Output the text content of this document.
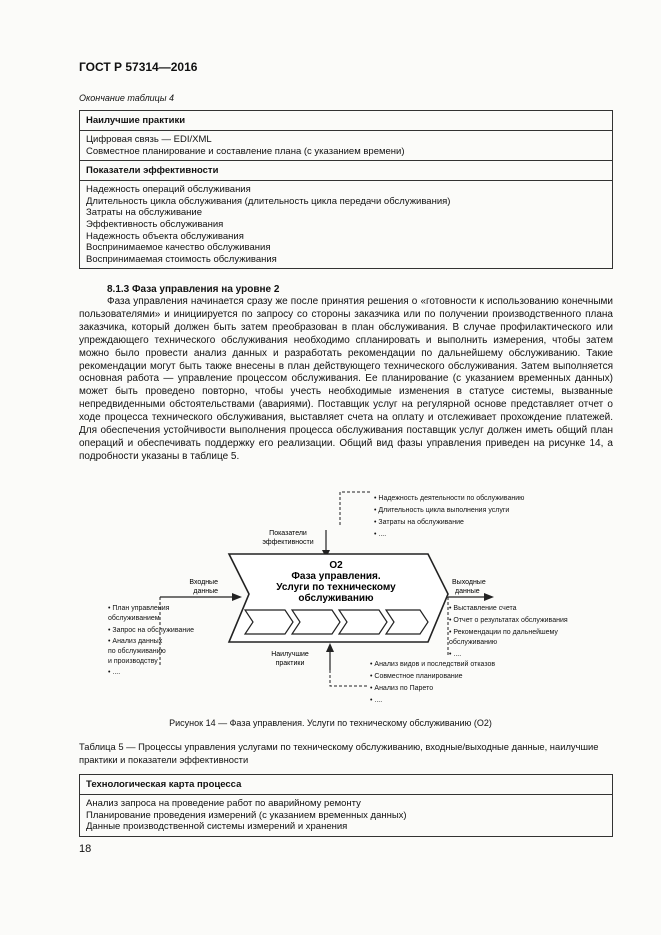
ГОСТ Р 57314—2016
Окончание таблицы 4
Наилучшие практики
Цифровая связь — EDI/XML
Совместное планирование и составление плана (с указанием времени)
Показатели эффективности
Надежность операций обслуживания
Длительность цикла обслуживания (длительность цикла передачи обслуживания)
Затраты на обслуживание
Эффективность обслуживания
Надежность объекта обслуживания
Воспринимаемое качество обслуживания
Воспринимаемая стоимость обслуживания
8.1.3 Фаза управления на уровне 2
Фаза управления начинается сразу же после принятия решения о «готовности к использованию конечными пользователями» и инициируется по запросу со стороны заказчика или по получении производственного плана заказчика, который должен быть затем преобразован в план обслуживания. В случае профилактического или упреждающего технического обслуживания необходимо спланировать и выполнить измерения, чтобы затем можно было провести анализ данных и разработать рекомендации по дальнейшему обслуживанию. Такие рекомендации могут быть также внесены в план действующего технического обслуживания. Затем выполняется основная работа — управление процессом обслуживания. Ее планирование (с указанием временных данных) может быть проведено повторно, чтобы учесть необходимые изменения в статусе системы, вызванные непредвиденными обстоятельствами (авариями). Поставщик услуг на регулярной основе представляет отчет о ходе процесса технического обслуживания, выставляет счета на оплату и отслеживает прохождение платежей. Для обеспечения устойчивости выполнения процесса обслуживания поставщик услуг должен иметь общий план операций и обеспечивать поддержку его реализации. Общий вид фазы управления приведен на рисунке 14, а подробности указаны в таблице 5.
• Надежность деятельности по обслуживанию
• Длительность цикла выполнения услуги
• Затраты на обслуживание
• ....
Показатели
эффективности
O2
Фаза управления.
Услуги по техническому
обслуживанию
Входные
данные
• План управления
обслуживанием
• Запрос на обслуживание
• Анализ данных
по обслуживанию
и производству
• ....
Выходные
данные
• Выставление счета
• Отчет о результатах обслуживания
• Рекомендации по дальнейшему
обслуживанию
• ....
Наилучшие
практики	• Анализ видов и последствий отказов
• Совместное планирование
• Анализ по Парето
• ....
Рисунок 14 — Фаза управления. Услуги по техническому обслуживанию (O2)
Таблица 5 — Процессы управления услугами по техническому обслуживанию, входные/выходные данные, наилучшие практики и показатели эффективности
Технологическая карта процесса
Анализ запроса на проведение работ по аварийному ремонту
Планирование проведения измерений (с указанием временных данных)
Данные производственной системы измерений и хранения
18
